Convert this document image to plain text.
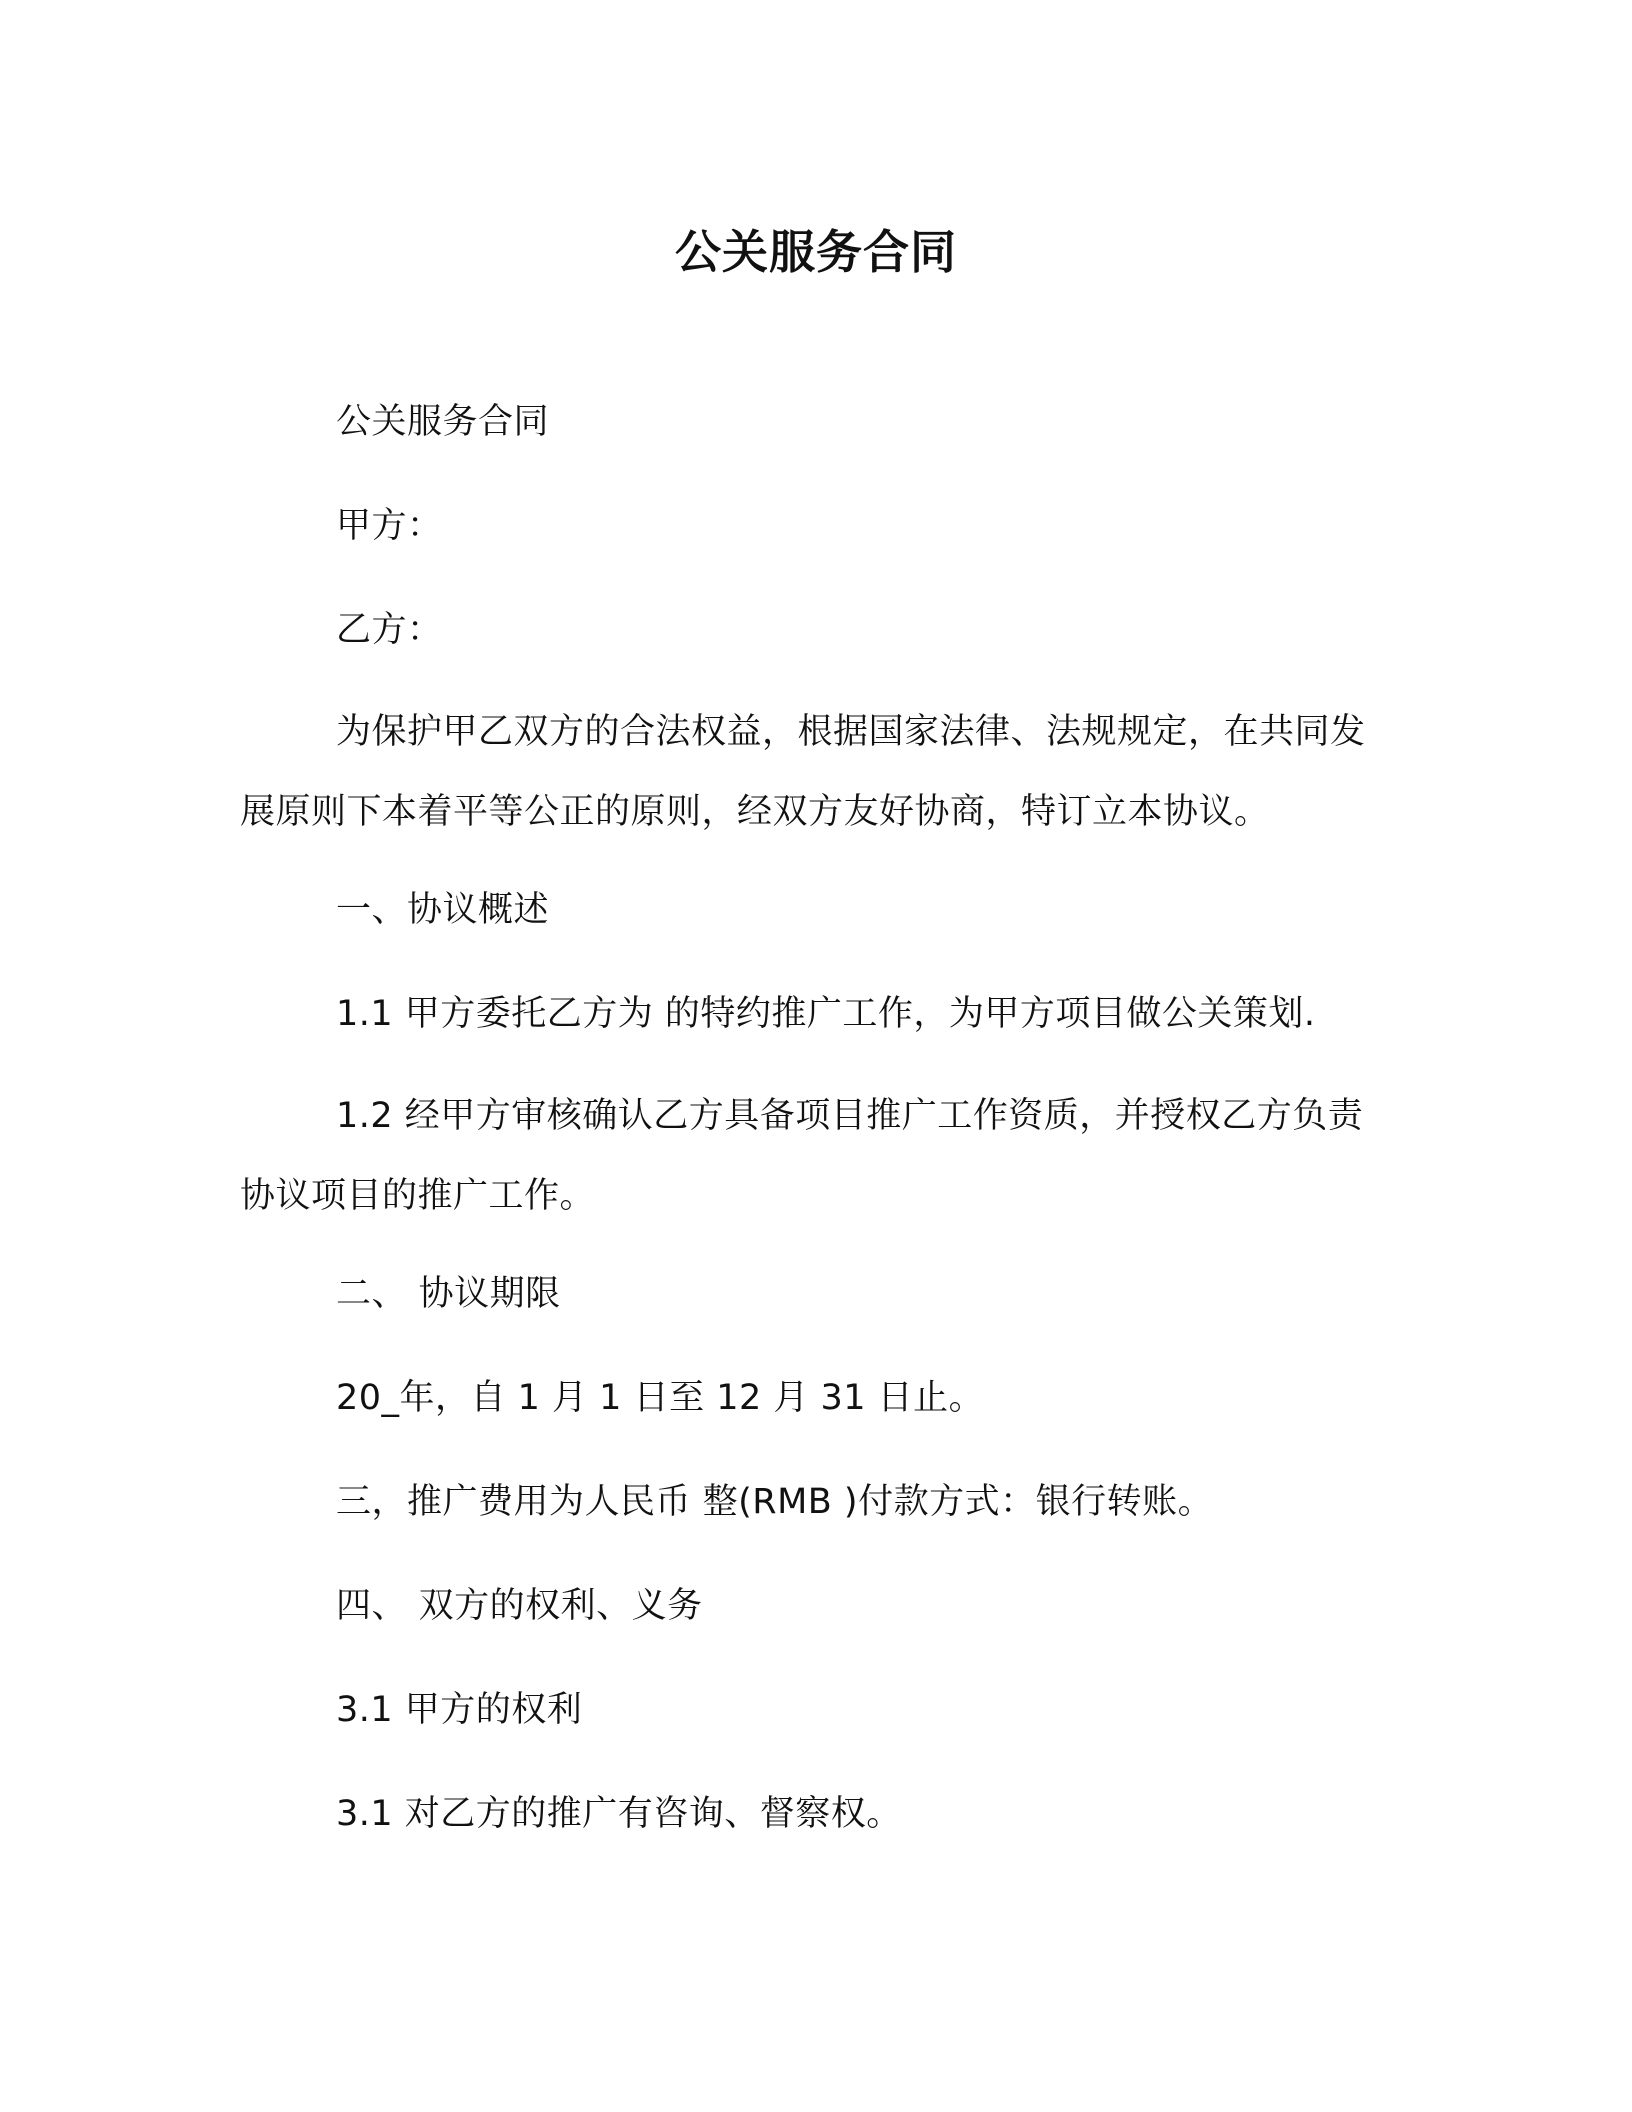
公关服务合同
公关服务合同
甲方：
乙方：
为保护甲乙双方的合法权益，根据国家法律、法规规定，在共同发展原则下本着平等公正的原则，经双方友好协商，特订立本协议。
一、协议概述
1.1 甲方委托乙方为 的特约推广工作，为甲方项目做公关策划.
1.2 经甲方审核确认乙方具备项目推广工作资质，并授权乙方负责协议项目的推广工作。
二、 协议期限
20_年，自 1 月 1 日至 12 月 31 日止。
三，推广费用为人民币 整(RMB )付款方式：银行转账。
四、 双方的权利、义务
3.1 甲方的权利
3.1 对乙方的推广有咨询、督察权。
